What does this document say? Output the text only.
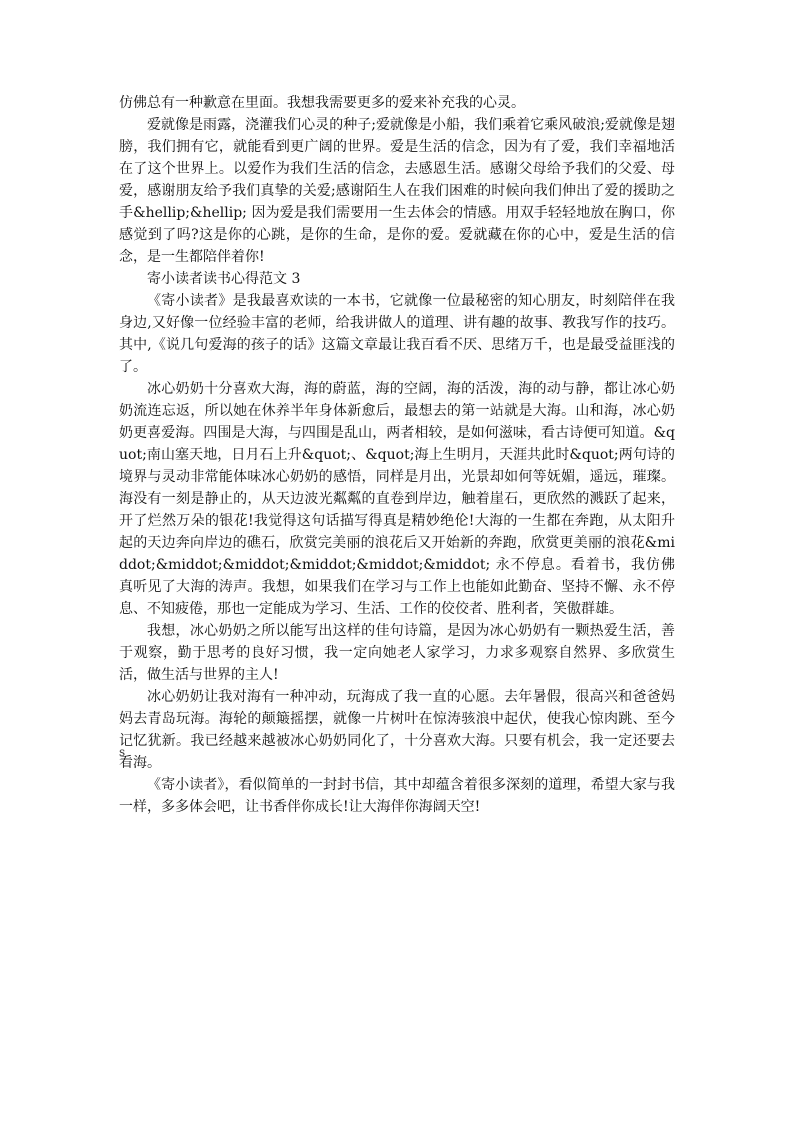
仿佛总有一种歉意在里面。我想我需要更多的爱来补充我的心灵。

爱就像是雨露，浇灌我们心灵的种子;爱就像是小船，我们乘着它乘风破浪;爱就像是翅膀，我们拥有它，就能看到更广阔的世界。爱是生活的信念，因为有了爱，我们幸福地活在了这个世界上。以爱作为我们生活的信念，去感恩生活。感谢父母给予我们的父爱、母爱，感谢朋友给予我们真挚的关爱;感谢陌生人在我们困难的时候向我们伸出了爱的援助之手&hellip;&hellip; 因为爱是我们需要用一生去体会的情感。用双手轻轻地放在胸口，你感觉到了吗?这是你的心跳，是你的生命，是你的爱。爱就藏在你的心中，爱是生活的信念，是一生都陪伴着你!

寄小读者读书心得范文 3

《寄小读者》是我最喜欢读的一本书，它就像一位最秘密的知心朋友，时刻陪伴在我身边,又好像一位经验丰富的老师，给我讲做人的道理、讲有趣的故事、教我写作的技巧。其中,《说几句爱海的孩子的话》这篇文章最让我百看不厌、思绪万千，也是最受益匪浅的了。

冰心奶奶十分喜欢大海，海的蔚蓝，海的空阔，海的活泼，海的动与静，都让冰心奶奶流连忘返，所以她在休养半年身体新愈后，最想去的第一站就是大海。山和海，冰心奶奶更喜爱海。四围是大海，与四围是乱山，两者相较，是如何滋味，看古诗便可知道。&quot;南山塞天地，日月石上升&quot;、&quot;海上生明月，天涯共此时&quot;两句诗的境界与灵动非常能体味冰心奶奶的感悟，同样是月出，光景却如何等妩媚，遥远，璀璨。海没有一刻是静止的，从天边波光粼粼的直卷到岸边，触着崖石，更欣然的溅跃了起来，开了烂然万朵的银花!我觉得这句话描写得真是精妙绝伦!大海的一生都在奔跑，从太阳升起的天边奔向岸边的礁石，欣赏完美丽的浪花后又开始新的奔跑，欣赏更美丽的浪花&middot;&middot;&middot;&middot;&middot;&middot; 永不停息。看着书，我仿佛真听见了大海的涛声。我想，如果我们在学习与工作上也能如此勤奋、坚持不懈、永不停息、不知疲倦，那也一定能成为学习、生活、工作的佼佼者、胜利者，笑傲群雄。

我想，冰心奶奶之所以能写出这样的佳句诗篇，是因为冰心奶奶有一颗热爱生活，善于观察，勤于思考的良好习惯，我一定向她老人家学习，力求多观察自然界、多欣赏生活，做生活与世界的主人!

冰心奶奶让我对海有一种冲动，玩海成了我一直的心愿。去年暑假，很高兴和爸爸妈妈去青岛玩海。海轮的颠簸摇摆，就像一片树叶在惊涛骇浪中起伏，使我心惊肉跳、至今记忆犹新。我已经越来越被冰心奶奶同化了，十分喜欢大海。只要有机会，我一定还要去看海。

《寄小读者》，看似简单的一封封书信，其中却蕴含着很多深刻的道理，希望大家与我一样，多多体会吧，让书香伴你成长!让大海伴你海阔天空!

s
